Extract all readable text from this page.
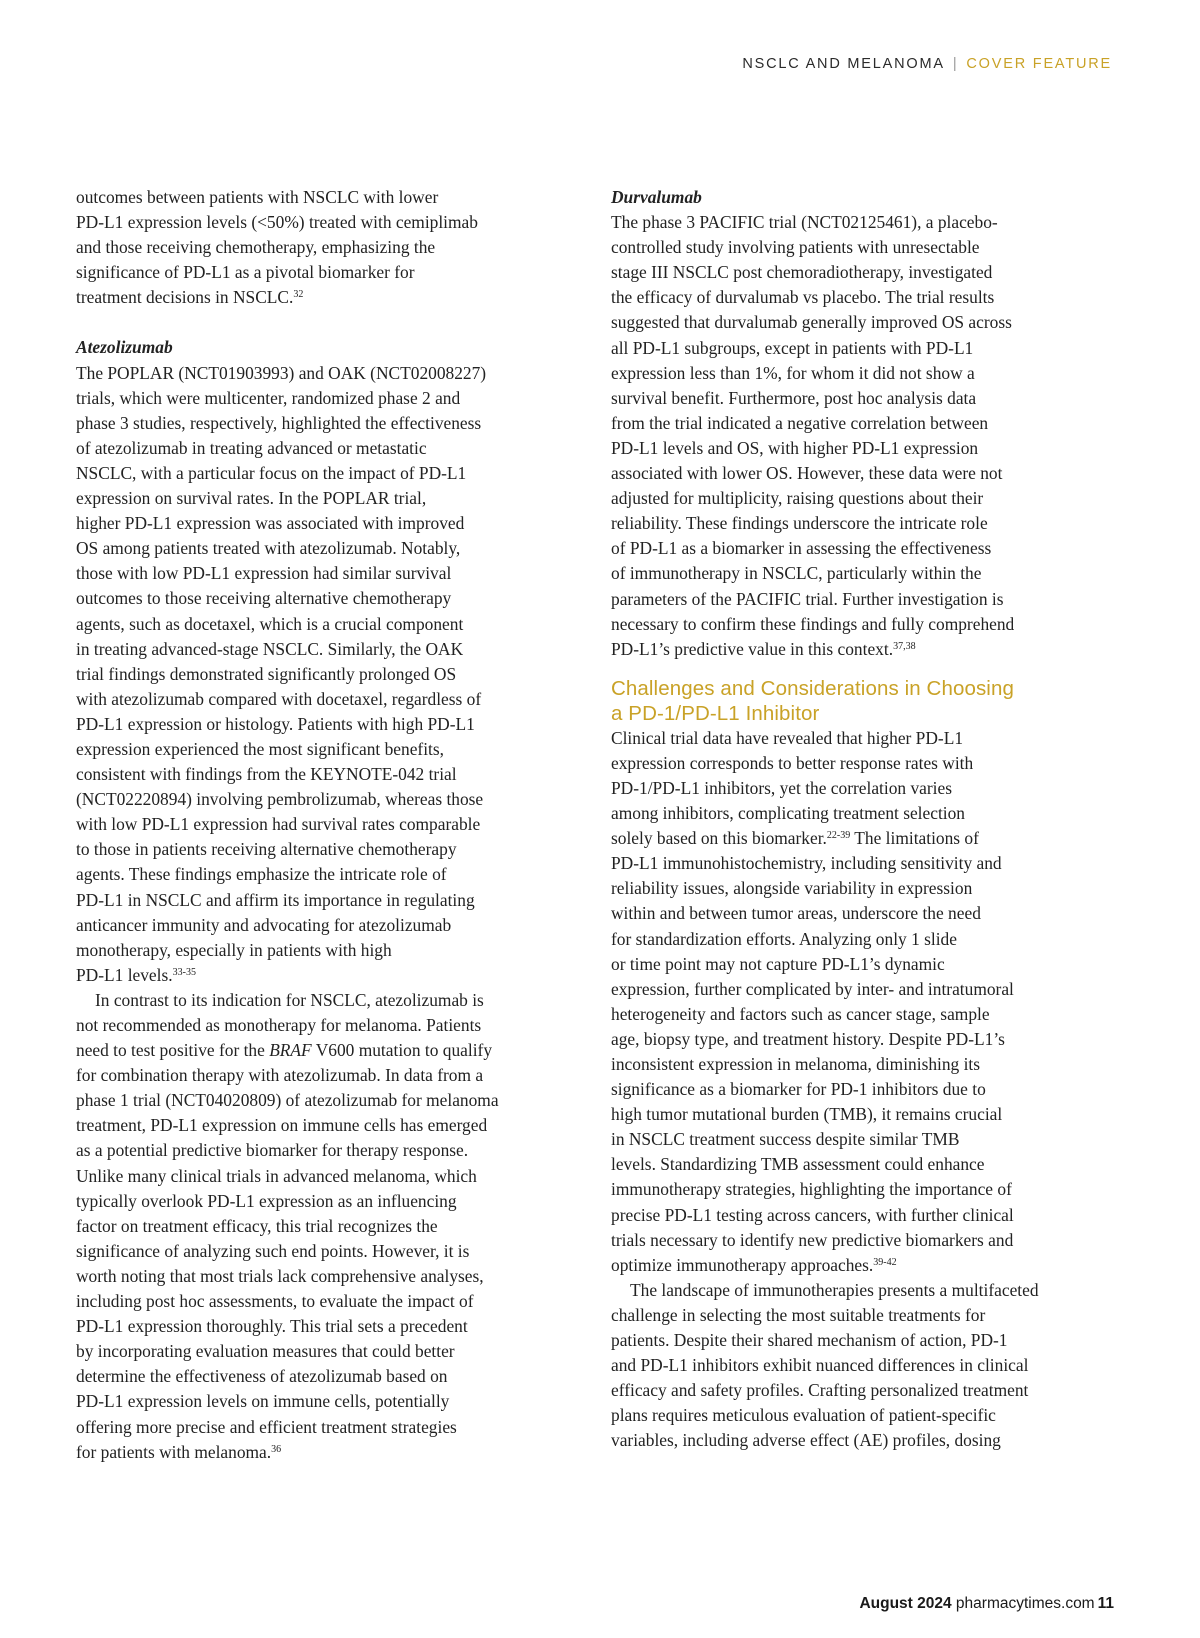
NSCLC AND MELANOMA | COVER FEATURE
outcomes between patients with NSCLC with lower
PD-L1 expression levels (<50%) treated with cemiplimab
and those receiving chemotherapy, emphasizing the
significance of PD-L1 as a pivotal biomarker for
treatment decisions in NSCLC.$^{32}$
Atezolizumab
The POPLAR (NCT01903993) and OAK (NCT02008227)
trials, which were multicenter, randomized phase 2 and
phase 3 studies, respectively, highlighted the effectiveness
of atezolizumab in treating advanced or metastatic
NSCLC, with a particular focus on the impact of PD-L1
expression on survival rates. In the POPLAR trial,
higher PD-L1 expression was associated with improved
OS among patients treated with atezolizumab. Notably,
those with low PD-L1 expression had similar survival
outcomes to those receiving alternative chemotherapy
agents, such as docetaxel, which is a crucial component
in treating advanced-stage NSCLC. Similarly, the OAK
trial findings demonstrated significantly prolonged OS
with atezolizumab compared with docetaxel, regardless of
PD-L1 expression or histology. Patients with high PD-L1
expression experienced the most significant benefits,
consistent with findings from the KEYNOTE-042 trial
(NCT02220894) involving pembrolizumab, whereas those
with low PD-L1 expression had survival rates comparable
to those in patients receiving alternative chemotherapy
agents. These findings emphasize the intricate role of
PD-L1 in NSCLC and affirm its importance in regulating
anticancer immunity and advocating for atezolizumab
monotherapy, especially in patients with high
PD-L1 levels.$^{33-35}$
In contrast to its indication for NSCLC, atezolizumab is
not recommended as monotherapy for melanoma. Patients
need to test positive for the BRAF V600 mutation to qualify
for combination therapy with atezolizumab. In data from a
phase 1 trial (NCT04020809) of atezolizumab for melanoma
treatment, PD-L1 expression on immune cells has emerged
as a potential predictive biomarker for therapy response.
Unlike many clinical trials in advanced melanoma, which
typically overlook PD-L1 expression as an influencing
factor on treatment efficacy, this trial recognizes the
significance of analyzing such end points. However, it is
worth noting that most trials lack comprehensive analyses,
including post hoc assessments, to evaluate the impact of
PD-L1 expression thoroughly. This trial sets a precedent
by incorporating evaluation measures that could better
determine the effectiveness of atezolizumab based on
PD-L1 expression levels on immune cells, potentially
offering more precise and efficient treatment strategies
for patients with melanoma.$^{36}$
Durvalumab
The phase 3 PACIFIC trial (NCT02125461), a placebo-
controlled study involving patients with unresectable
stage III NSCLC post chemoradiotherapy, investigated
the efficacy of durvalumab vs placebo. The trial results
suggested that durvalumab generally improved OS across
all PD-L1 subgroups, except in patients with PD-L1
expression less than 1%, for whom it did not show a
survival benefit. Furthermore, post hoc analysis data
from the trial indicated a negative correlation between
PD-L1 levels and OS, with higher PD-L1 expression
associated with lower OS. However, these data were not
adjusted for multiplicity, raising questions about their
reliability. These findings underscore the intricate role
of PD-L1 as a biomarker in assessing the effectiveness
of immunotherapy in NSCLC, particularly within the
parameters of the PACIFIC trial. Further investigation is
necessary to confirm these findings and fully comprehend
PD-L1’s predictive value in this context.$^{37,38}$
Challenges and Considerations in Choosing
a PD-1/PD-L1 Inhibitor
Clinical trial data have revealed that higher PD-L1
expression corresponds to better response rates with
PD-1/PD-L1 inhibitors, yet the correlation varies
among inhibitors, complicating treatment selection
solely based on this biomarker.$^{22-39}$ The limitations of
PD-L1 immunohistochemistry, including sensitivity and
reliability issues, alongside variability in expression
within and between tumor areas, underscore the need
for standardization efforts. Analyzing only 1 slide
or time point may not capture PD-L1’s dynamic
expression, further complicated by inter- and intratumoral
heterogeneity and factors such as cancer stage, sample
age, biopsy type, and treatment history. Despite PD-L1’s
inconsistent expression in melanoma, diminishing its
significance as a biomarker for PD-1 inhibitors due to
high tumor mutational burden (TMB), it remains crucial
in NSCLC treatment success despite similar TMB
levels. Standardizing TMB assessment could enhance
immunotherapy strategies, highlighting the importance of
precise PD-L1 testing across cancers, with further clinical
trials necessary to identify new predictive biomarkers and
optimize immunotherapy approaches.$^{39-42}$
The landscape of immunotherapies presents a multifaceted
challenge in selecting the most suitable treatments for
patients. Despite their shared mechanism of action, PD-1
and PD-L1 inhibitors exhibit nuanced differences in clinical
efficacy and safety profiles. Crafting personalized treatment
plans requires meticulous evaluation of patient-specific
variables, including adverse effect (AE) profiles, dosing
August 2024 pharmacytimes.com 11
